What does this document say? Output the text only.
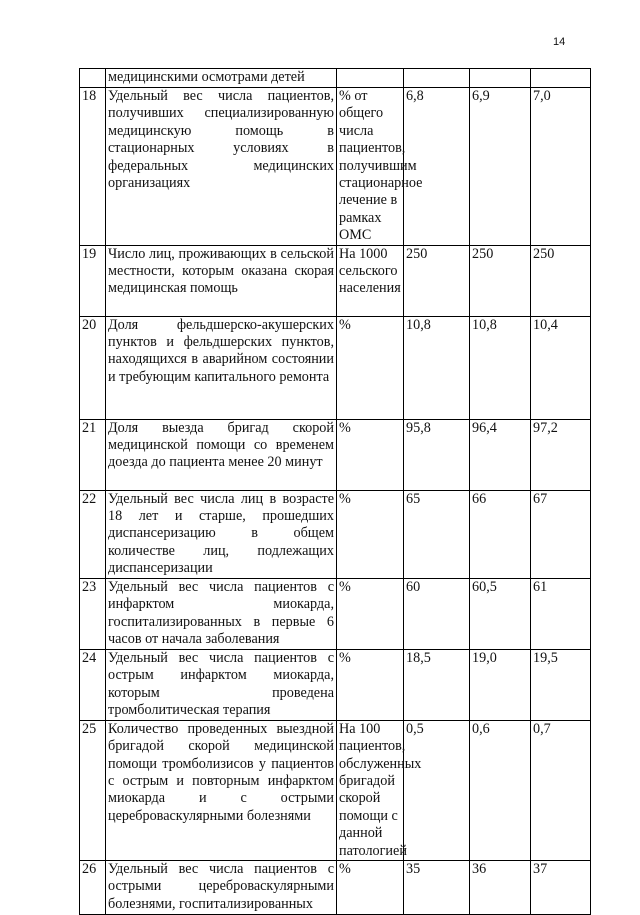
14
	медицинскими осмотрами детей				
18	Удельный вес числа пациентов, получивших специализированную медицинскую помощь в стационарных условиях в федеральных медицинских организациях	% от общего числа пациентов, получившим стационарное лечение в рамках ОМС	6,8	6,9	7,0
19	Число лиц, проживающих в сельской местности, которым оказана скорая медицинская помощь	На 1000 сельского населения	250	250	250
20	Доля фельдшерско-акушерских пунктов и фельдшерских пунктов, находящихся в аварийном состоянии и требующим капитального ремонта	%	10,8	10,8	10,4
21	Доля выезда бригад скорой медицинской помощи со временем доезда до пациента менее 20 минут	%	95,8	96,4	97,2
22	Удельный вес числа лиц в возрасте 18 лет и старше, прошедших диспансеризацию в общем количестве лиц, подлежащих диспансеризации	%	65	66	67
23	Удельный вес числа пациентов с инфарктом миокарда, госпитализированных в первые 6 часов от начала заболевания	%	60	60,5	61
24	Удельный вес числа пациентов с острым инфарктом миокарда, которым проведена тромболитическая терапия	%	18,5	19,0	19,5
25	Количество проведенных выездной бригадой скорой медицинской помощи тромболизисов у пациентов с острым и повторным инфарктом миокарда и с острыми цереброваскулярными болезнями	На 100 пациентов, обслуженных бригадой скорой помощи с данной патологией	0,5	0,6	0,7
26	Удельный вес числа пациентов с острыми цереброваскулярными болезнями, госпитализированных	%	35	36	37
